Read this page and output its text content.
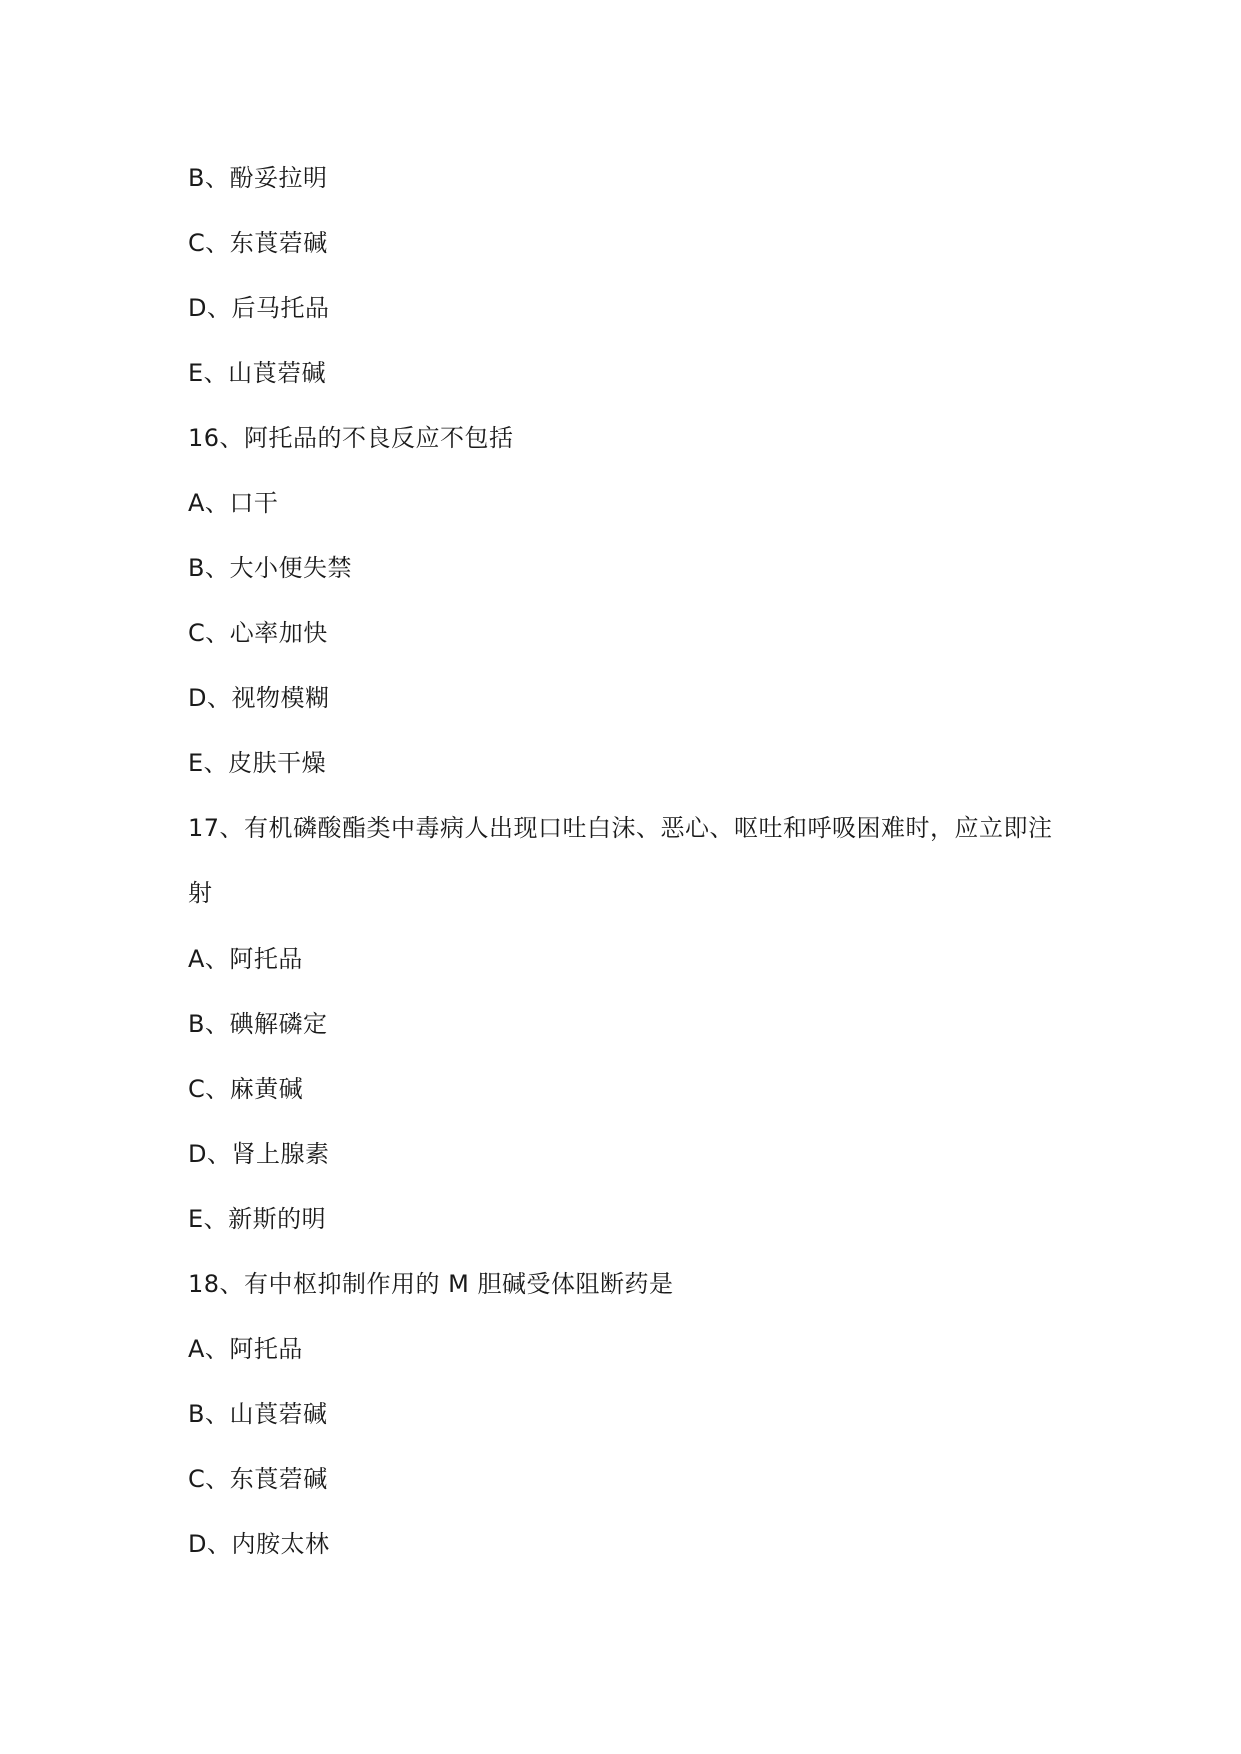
B、酚妥拉明
C、东莨菪碱
D、后马托品
E、山莨菪碱
16、阿托品的不良反应不包括
A、口干
B、大小便失禁
C、心率加快
D、视物模糊
E、皮肤干燥
17、有机磷酸酯类中毒病人出现口吐白沫、恶心、呕吐和呼吸困难时，应立即注射
A、阿托品
B、碘解磷定
C、麻黄碱
D、肾上腺素
E、新斯的明
18、有中枢抑制作用的 M 胆碱受体阻断药是
A、阿托品
B、山莨菪碱
C、东莨菪碱
D、内胺太林
